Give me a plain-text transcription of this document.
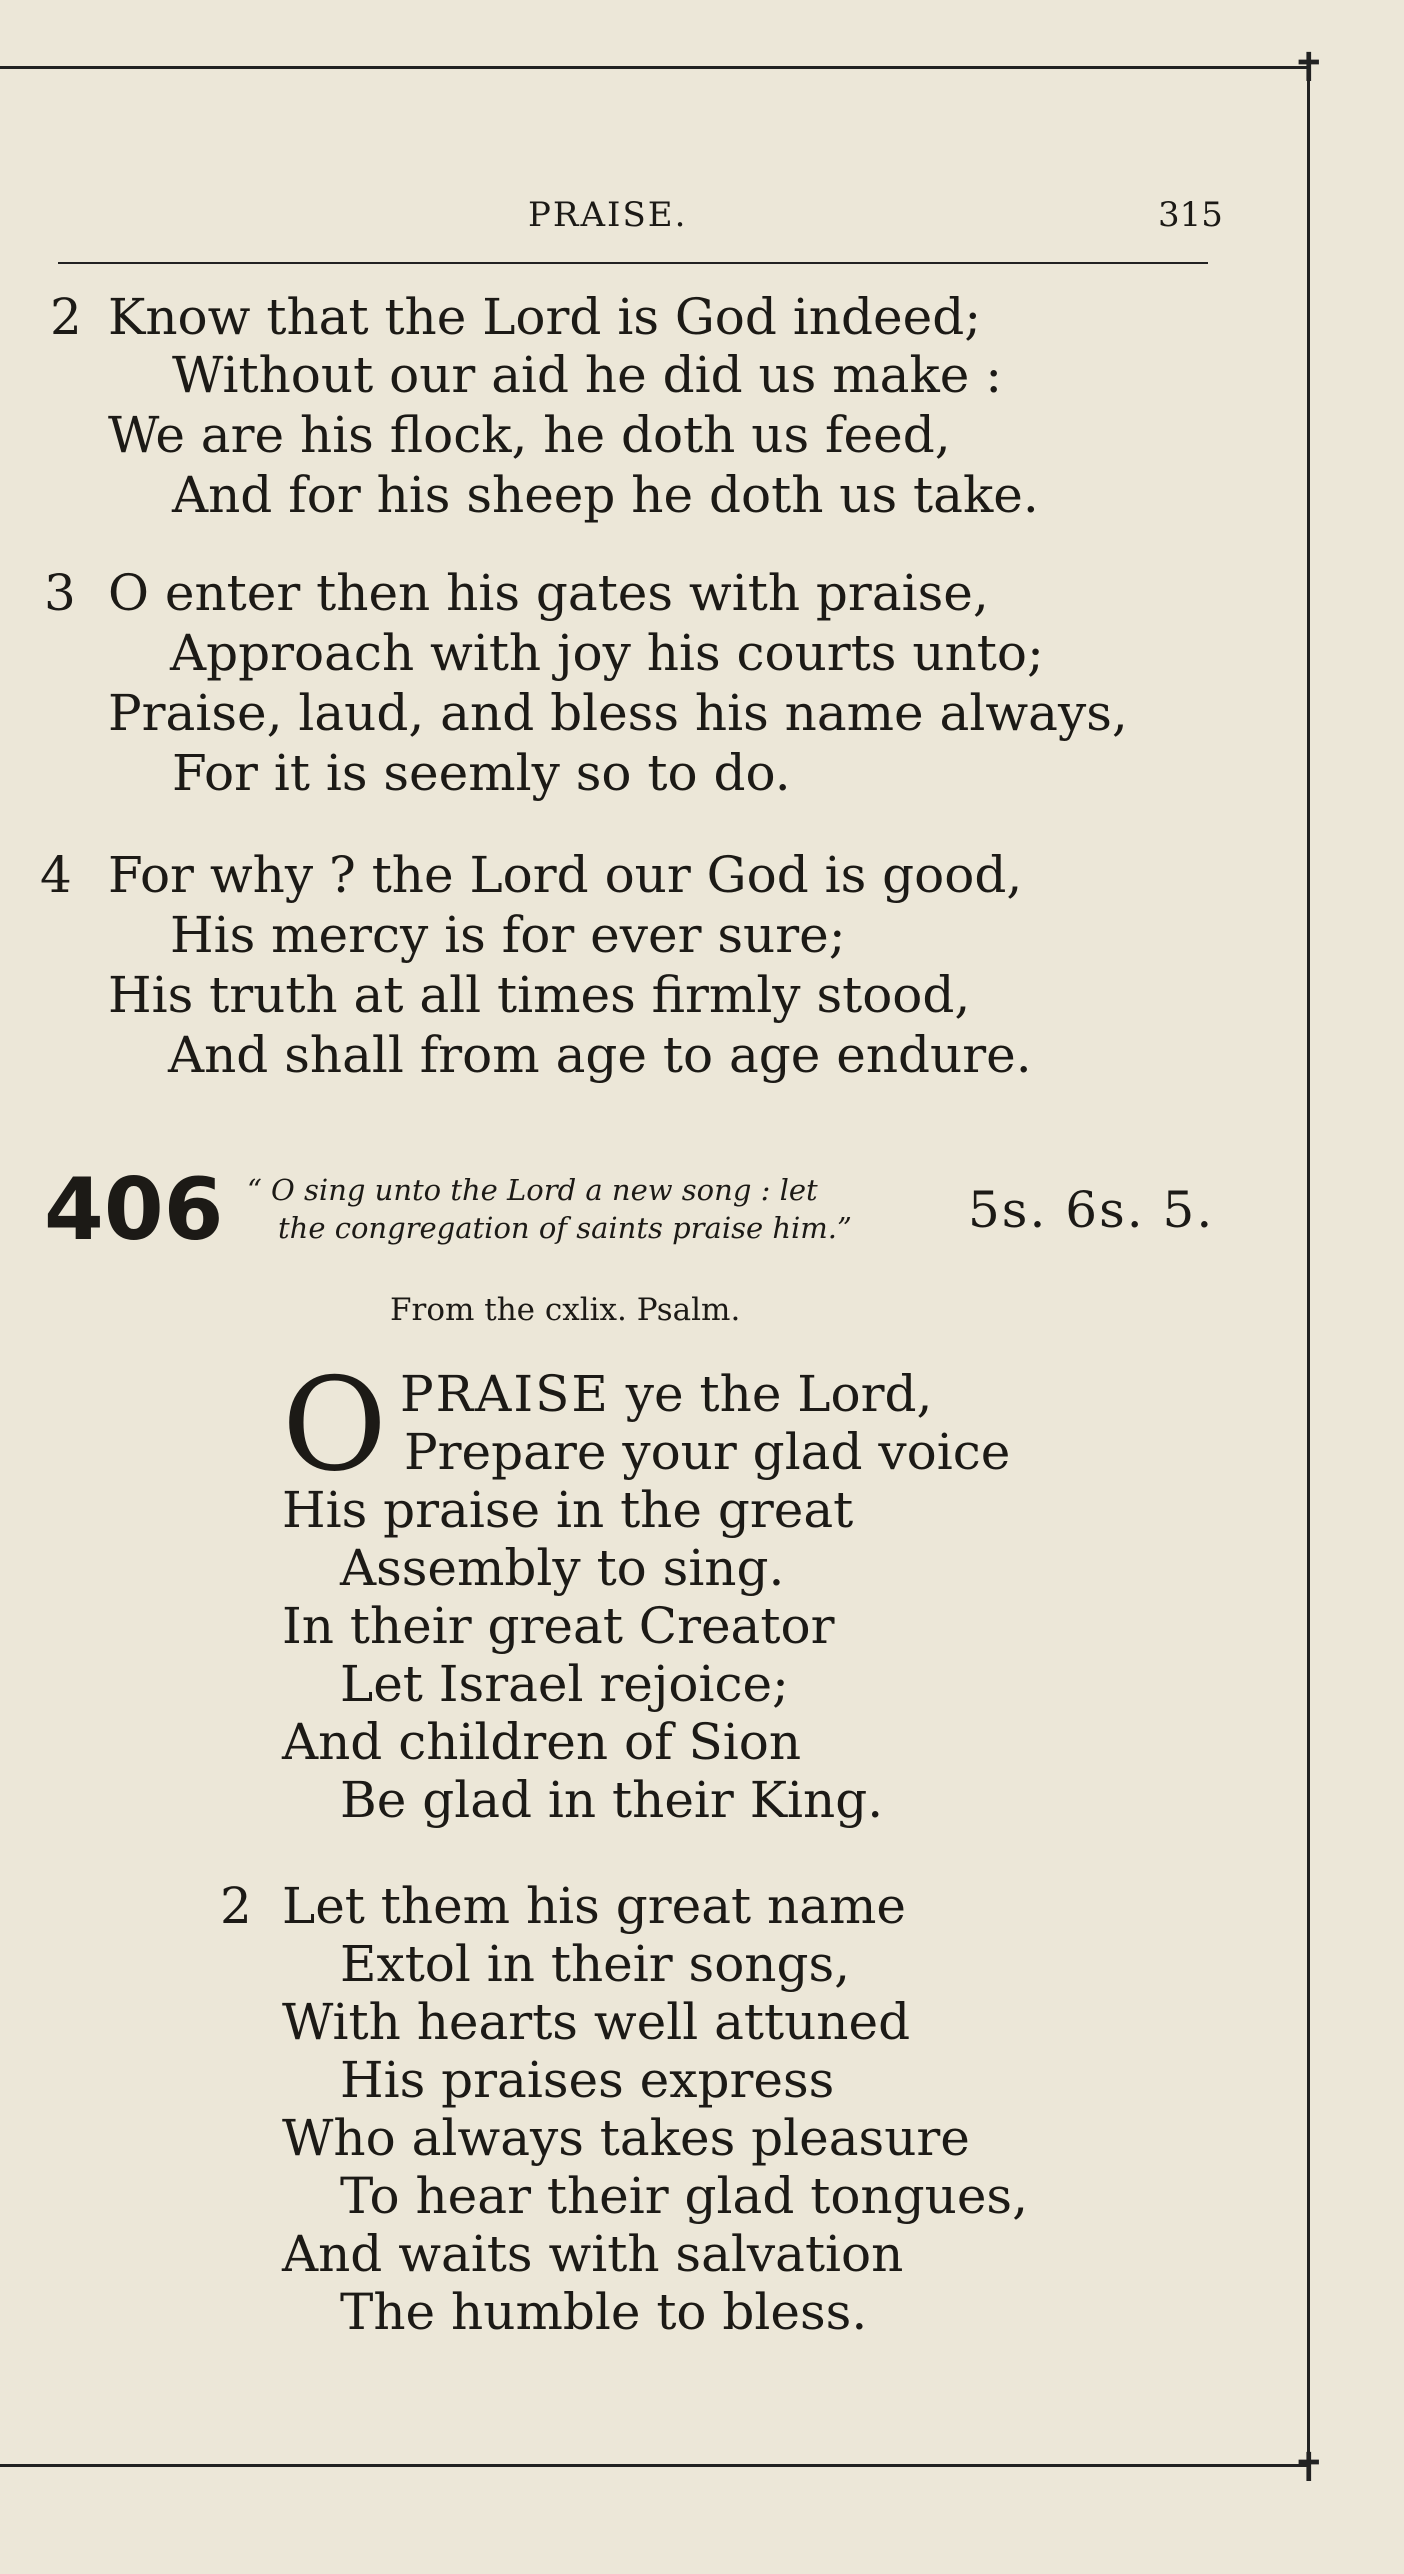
✝
✝
PRAISE.	315
2 Know that the Lord is God indeed;
Without our aid he did us make :
We are his flock, he doth us feed,
And for his sheep he doth us take.
3 O enter then his gates with praise,
Approach with joy his courts unto;
Praise, laud, and bless his name always,
For it is seemly so to do.
4 For why ? the Lord our God is good,
His mercy is for ever sure;
His truth at all times firmly stood,
And shall from age to age endure.
406 “ O sing unto the Lord a new song : let
the congregation of saints praise him.” 5s. 6s. 5.
From the cxlix. Psalm.
O PRAISE ye the Lord,
Prepare your glad voice
His praise in the great
Assembly to sing.
In their great Creator
Let Israel rejoice;
And children of Sion
Be glad in their King.
2 Let them his great name
Extol in their songs,
With hearts well attuned
His praises express
Who always takes pleasure
To hear their glad tongues,
And waits with salvation
The humble to bless.
